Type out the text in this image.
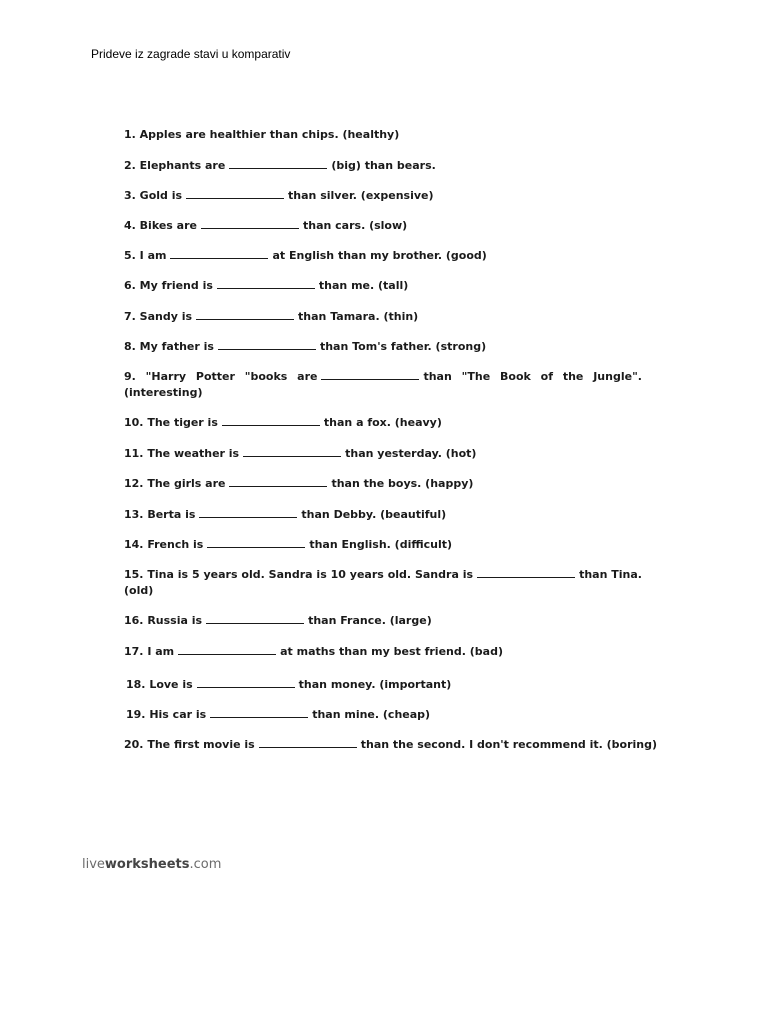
Prideve iz zagrade stavi u komparativ
1. Apples are healthier than chips. (healthy)
2. Elephants are	(big) than bears.
3. Gold is	than silver. (expensive)
4. Bikes are	than cars. (slow)
5. I am	at English than my brother. (good)
6. My friend is	than me. (tall)
7. Sandy is	than Tamara. (thin)
8. My father is	than Tom's father. (strong)
9. "Harry Potter "books are	than "The Book of the Jungle". (interesting)
10. The tiger is	than a fox. (heavy)
11. The weather is	than yesterday. (hot)
12. The girls are	than the boys. (happy)
13. Berta is	than Debby. (beautiful)
14. French is	than English. (difficult)
15. Tina is 5 years old. Sandra is 10 years old. Sandra is	than Tina. (old)
16. Russia is	than France. (large)
17. I am	at maths than my best friend. (bad)
18. Love is	than money. (important)
19. His car is	than mine. (cheap)
20. The first movie is	than the second. I don't recommend it. (boring)
liveworksheets.com
